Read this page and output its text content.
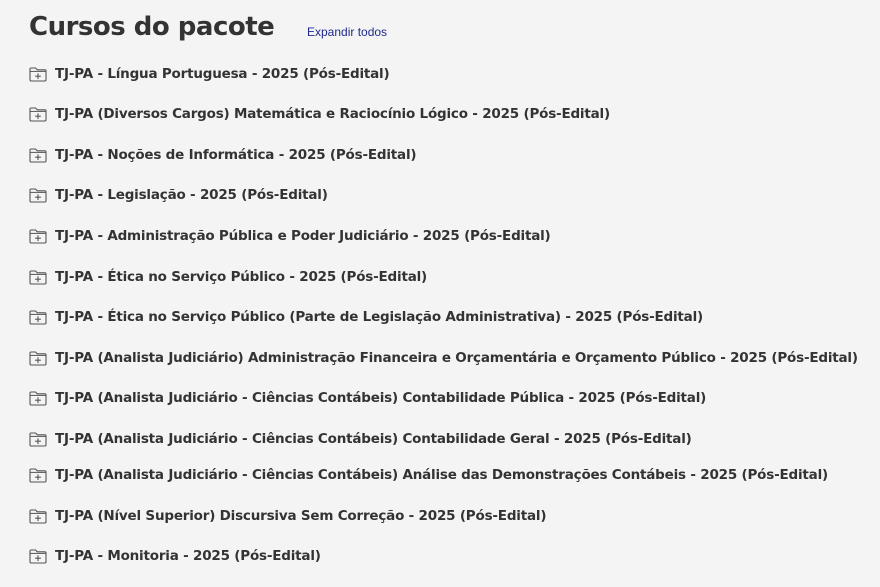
Cursos do pacote	Expandir todos
TJ-PA - Língua Portuguesa - 2025 (Pós-Edital)
TJ-PA (Diversos Cargos) Matemática e Raciocínio Lógico - 2025 (Pós-Edital)
TJ-PA - Noções de Informática - 2025 (Pós-Edital)
TJ-PA - Legislação - 2025 (Pós-Edital)
TJ-PA - Administração Pública e Poder Judiciário - 2025 (Pós-Edital)
TJ-PA - Ética no Serviço Público - 2025 (Pós-Edital)
TJ-PA - Ética no Serviço Público (Parte de Legislação Administrativa) - 2025 (Pós-Edital)
TJ-PA (Analista Judiciário) Administração Financeira e Orçamentária e Orçamento Público - 2025 (Pós-Edital)
TJ-PA (Analista Judiciário - Ciências Contábeis) Contabilidade Pública - 2025 (Pós-Edital)
TJ-PA (Analista Judiciário - Ciências Contábeis) Contabilidade Geral - 2025 (Pós-Edital)
TJ-PA (Analista Judiciário - Ciências Contábeis) Análise das Demonstrações Contábeis - 2025 (Pós-Edital)
TJ-PA (Nível Superior) Discursiva Sem Correção - 2025 (Pós-Edital)
TJ-PA - Monitoria - 2025 (Pós-Edital)
